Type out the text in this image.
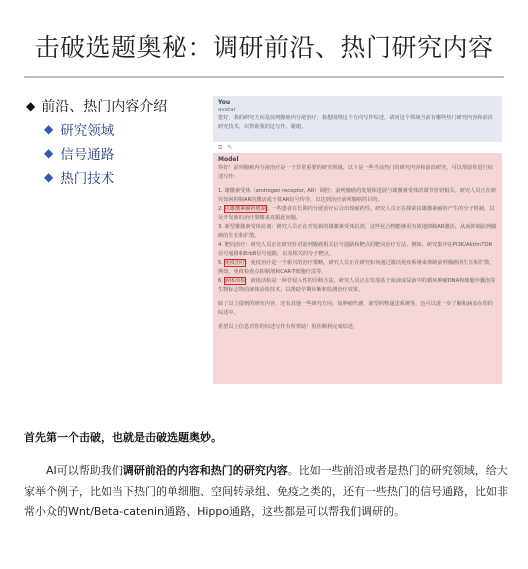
击破选题奥秘：调研前沿、热门研究内容
◆ 前沿、热门内容介绍
◆ 研究领域
◆ 信号通路
◆ 热门技术
You
avatar
您好，我的研究方向是前列腺癌内分泌治疗，我想围绕这个方向写作综述，请问这个领域当前有哪些热门研究内容和前沿研究技术，以帮助我的这写作。谢谢。
⧉ ✎
Model

你好！前列腺癌内分泌治疗是一个非常重要的研究领域，以下是一些当前热门的研究内容和前沿研究，可以帮助你进行综述写作：

1. 雄激素受体（androgen receptor, AR）调控：前列腺癌的发展和进展与雄激素受体的调节密切相关。研究人员正在研究如何抑制AR的激活或干扰AR信号传导，以达到治疗前列腺癌的目的。

2. 抗雄激素耐药机制：一些患者在长期内分泌治疗后会出现耐药性。研究人员正在探索抗雄激素耐药产生的分子机制，以及开发新的治疗策略来克服此问题。

3. 新型雄激素受体抗剂：研究人员正在开发新的雄激素受体抗剂，这些化合物能够更有效地抑制AR激活，从而抑制前列腺癌的生长和扩散。

4. 靶向治疗：研究人员正在研究针对前列腺癌相关信号通路和靶点的靶向治疗方法。例如，研究集中在PI3K/Akt/mTOR信号通路和ErbB信号通路，以及相关的分子靶点。

5. 免疫治疗：免疫治疗是一个新兴的治疗策略。研究人员正在研究如何通过激活免疫系统来抑制前列腺癌的生长和扩散。例如，免疫检查点抑制剂和CAR-T细胞疗法等。

6. 液体活检：液体活检是一种非侵入性的诊断方法。研究人员正在发展基于血液或尿液中的循环肿瘤DNA和细胞外囊泡等生物标志物的液体活检技术，以帮助早期诊断和监测治疗效果。

除了以上提到的研究内容，还有其他一些研究方向，如肿瘤代谢、新型药物递送系统等，也可以进一步了解和涵盖在你的综述中。

希望以上信息对你的综述写作有所帮助！祝你顺利完成综述。

首先第一个击破，也就是击破选题奥妙。
AI可以帮助我们调研前沿的内容和热门的研究内容。比如一些前沿或者是热门的研究领域，给大家举个例子，比如当下热门的单细胞、空间转录组、免疫之类的，还有一些热门的信号通路，比如非常小众的Wnt/Beta-catenin通路、Hippo通路，这些都是可以帮我们调研的。
